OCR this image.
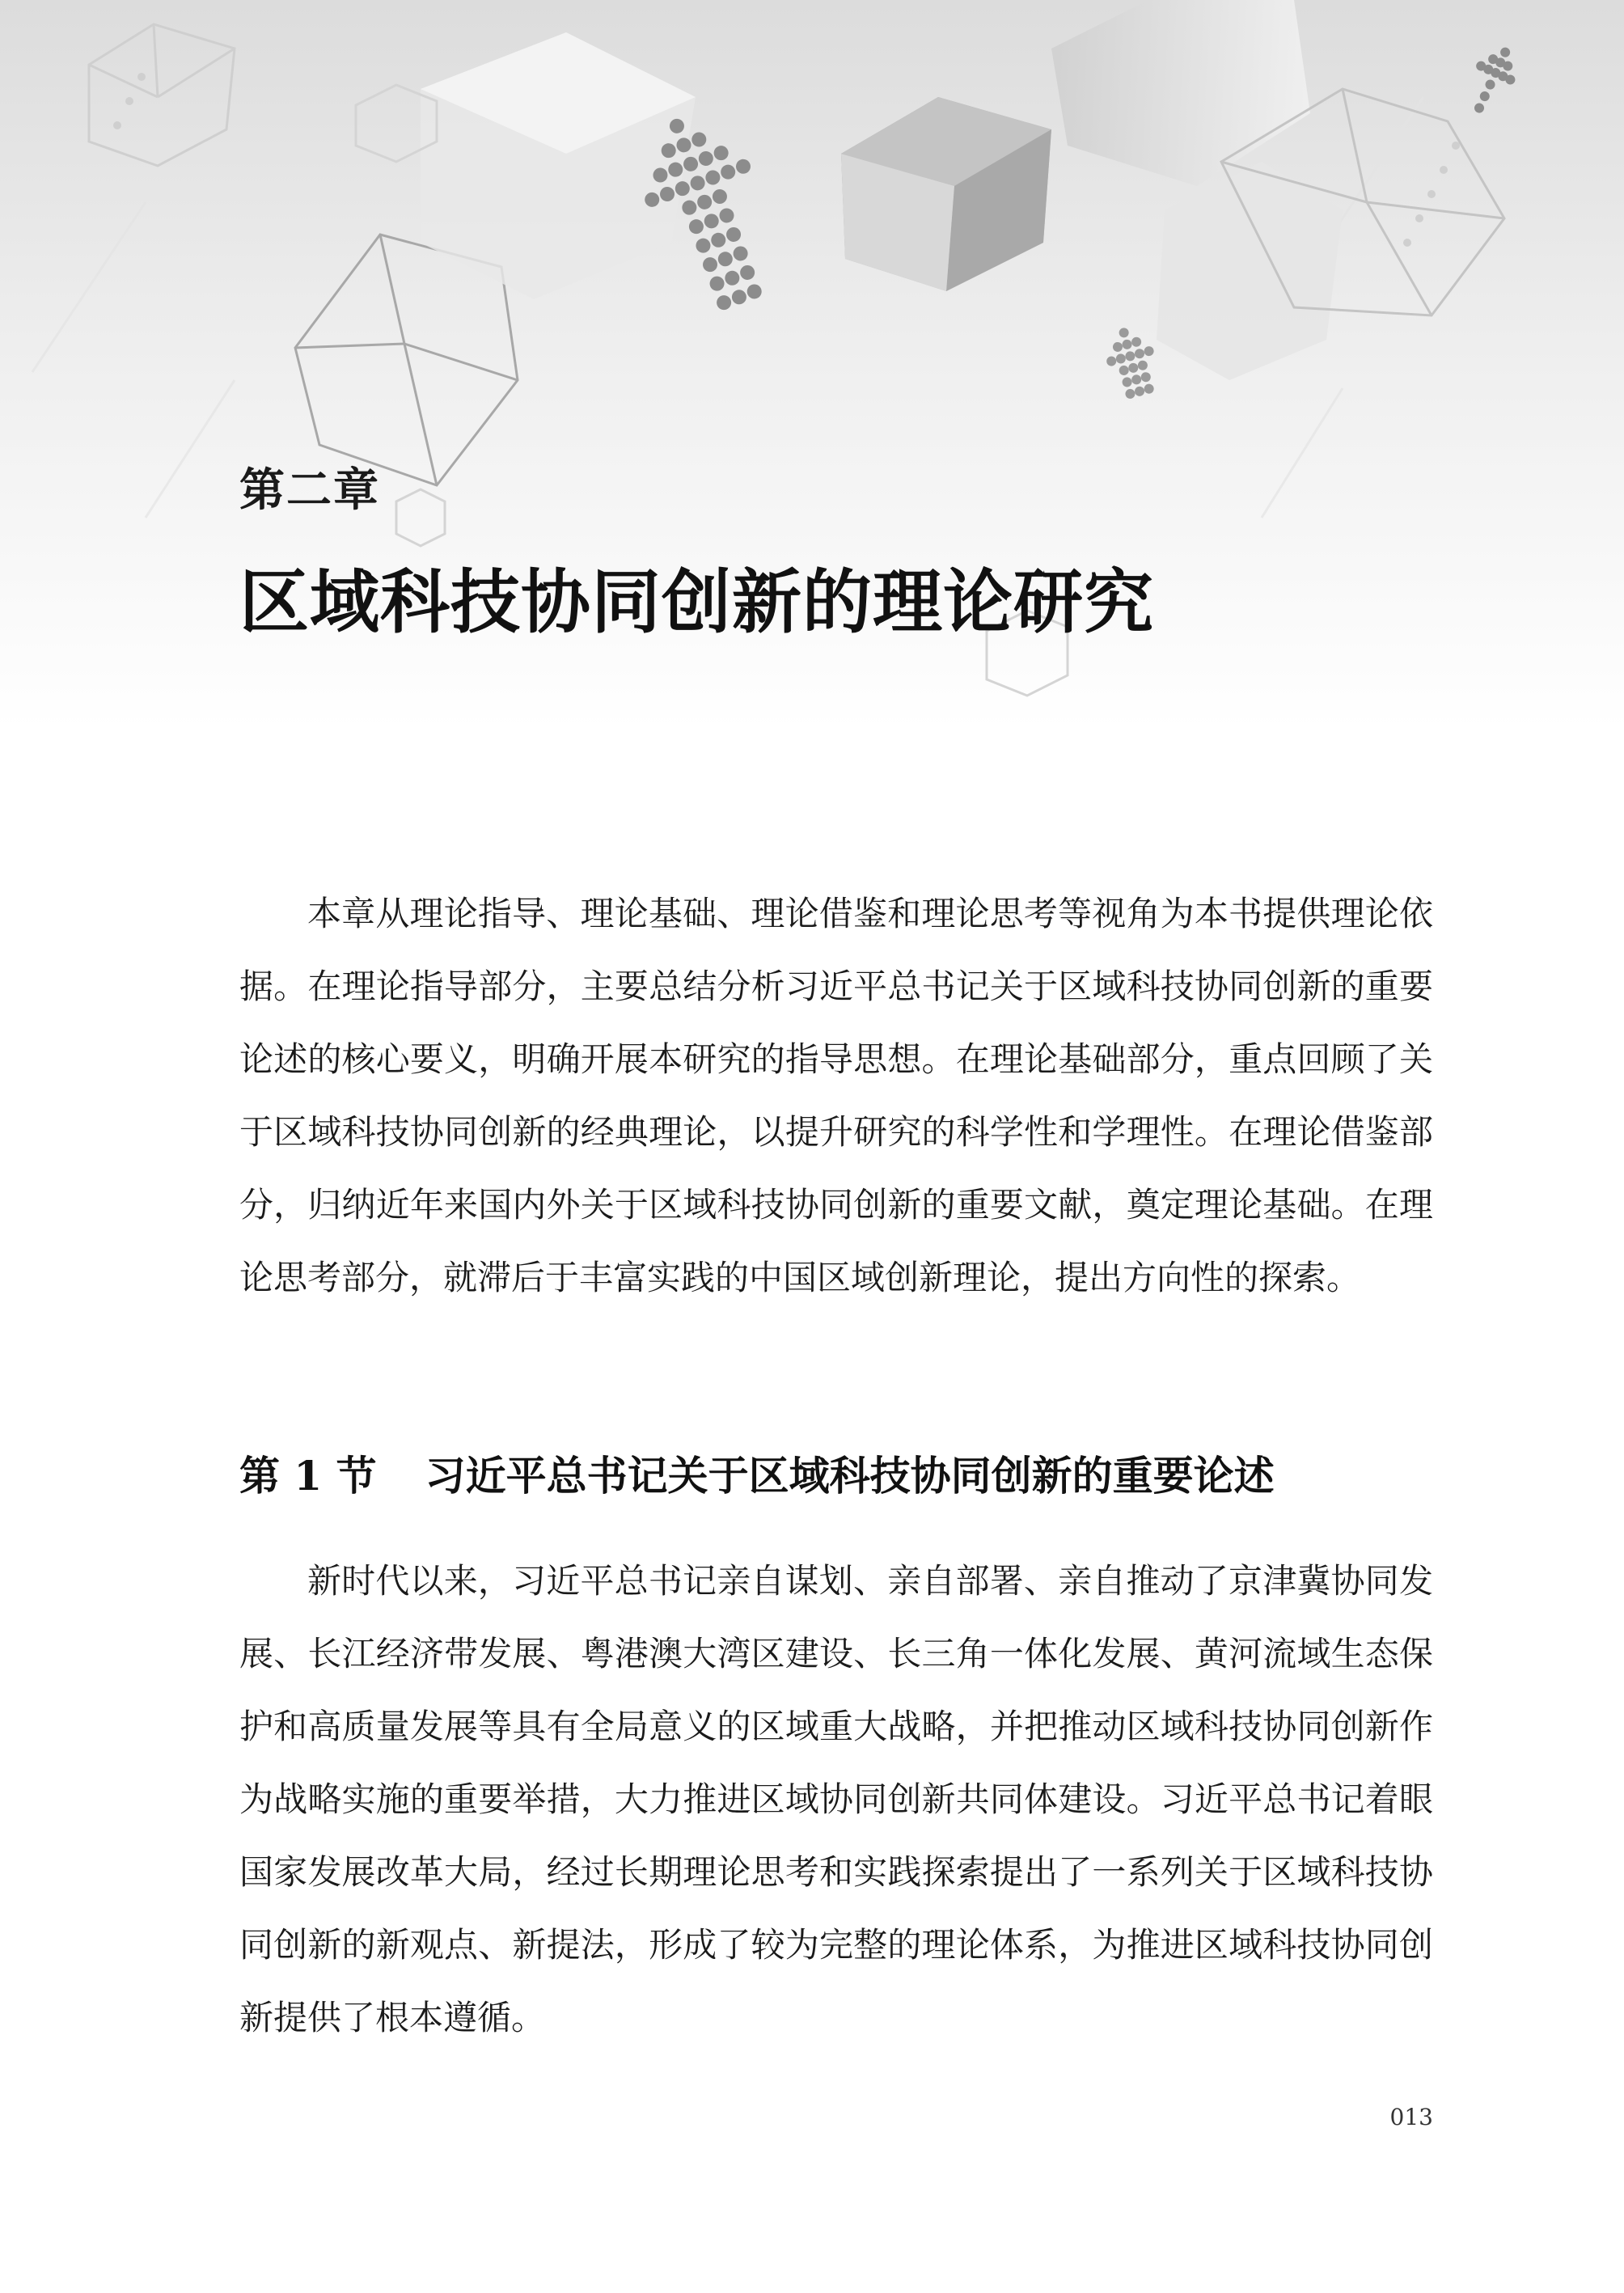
第二章
区域科技协同创新的理论研究

本章从理论指导、理论基础、理论借鉴和理论思考等视角为本书提供理论依据。在理论指导部分，主要总结分析习近平总书记关于区域科技协同创新的重要论述的核心要义，明确开展本研究的指导思想。在理论基础部分，重点回顾了关于区域科技协同创新的经典理论，以提升研究的科学性和学理性。在理论借鉴部分，归纳近年来国内外关于区域科技协同创新的重要文献，奠定理论基础。在理论思考部分，就滞后于丰富实践的中国区域创新理论，提出方向性的探索。

第 1 节 习近平总书记关于区域科技协同创新的重要论述

新时代以来，习近平总书记亲自谋划、亲自部署、亲自推动了京津冀协同发展、长江经济带发展、粤港澳大湾区建设、长三角一体化发展、黄河流域生态保护和高质量发展等具有全局意义的区域重大战略，并把推动区域科技协同创新作为战略实施的重要举措，大力推进区域协同创新共同体建设。习近平总书记着眼国家发展改革大局，经过长期理论思考和实践探索提出了一系列关于区域科技协同创新的新观点、新提法，形成了较为完整的理论体系，为推进区域科技协同创新提供了根本遵循。

013
